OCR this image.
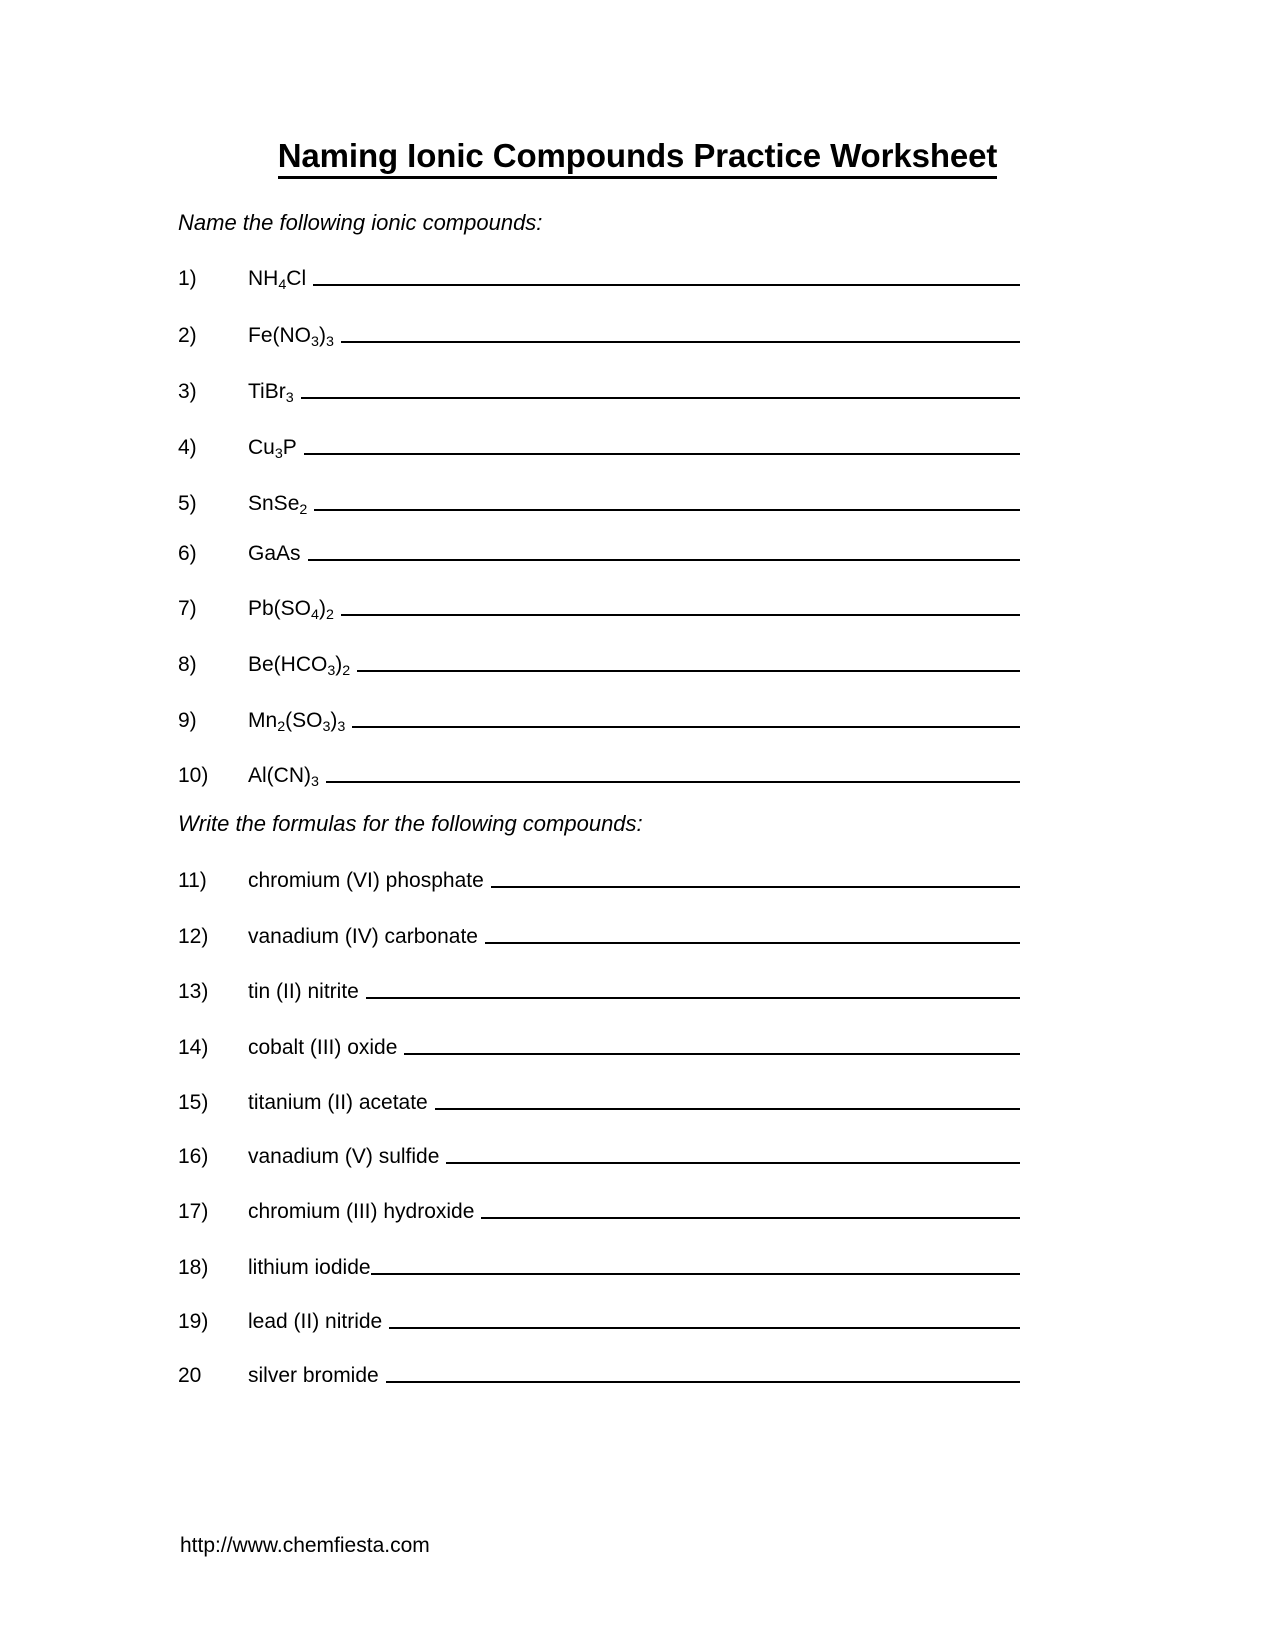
Naming Ionic Compounds Practice Worksheet
Name the following ionic compounds:
Write the formulas for the following compounds:
1)	$NH_4Cl$
2)	$Fe(NO_3)_3$
3)	TiBr$_3$
4)	$Cu_3P$
5)	SnSe$_2$
6)	GaAs
7)	$Pb(SO_4)_2$
8)	$Be(HCO_3)_2$
9)	$Mn_2(SO_3)_3$
10)	$Al(CN)_3$
11)	chromium (VI) phosphate
12)	vanadium (IV) carbonate
13)	tin (II) nitrite
14)	cobalt (III) oxide
15)	titanium (II) acetate
16)	vanadium (V) sulfide
17)	chromium (III) hydroxide
18)	lithium iodide
19)	lead (II) nitride
20	silver bromide
http://www.chemfiesta.com
